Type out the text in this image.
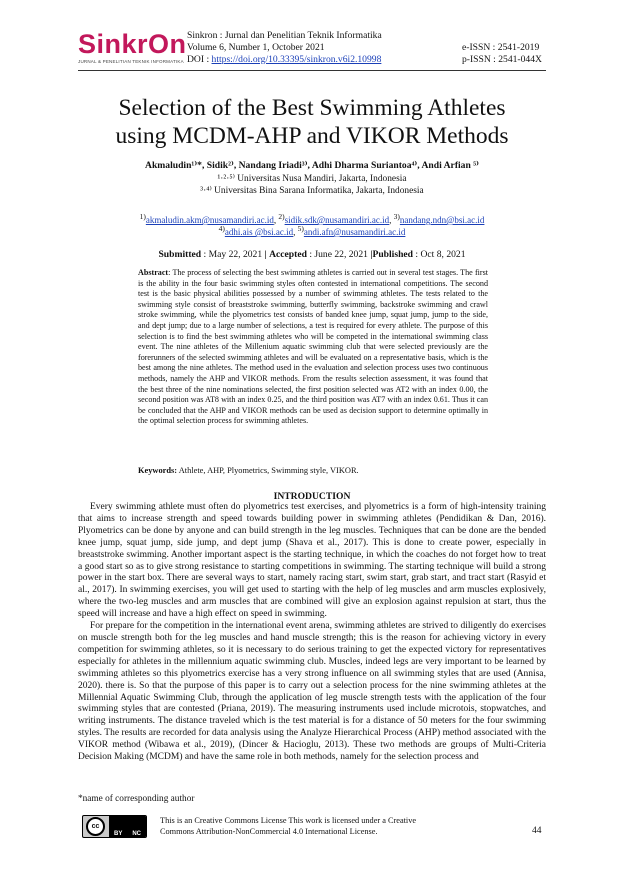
SinkrOn
JURNAL & PENELITIAN TEKNIK INFORMATIKA
Sinkron : Jurnal dan Penelitian Teknik Informatika
Volume 6, Number 1, October 2021
DOI : https://doi.org/10.33395/sinkron.v6i2.10998
e-ISSN : 2541-2019
p-ISSN : 2541-044X
Selection of the Best Swimming Athletes
using MCDM-AHP and VIKOR Methods
Akmaludin¹⁾*, Sidik²⁾, Nandang Iriadi³⁾, Adhi Dharma Suriantoa⁴⁾, Andi Arfian ⁵⁾
¹·²·⁵⁾ Universitas Nusa Mandiri, Jakarta, Indonesia
³·⁴⁾ Universitas Bina Sarana Informatika, Jakarta, Indonesia
$^{1)}$akmaludin.akm@nusamandiri.ac.id, $^{2)}$sidik.sdk@nusamandiri.ac.id, $^{3)}$nandang.ndn@bsi.ac.id
$^{4)}$adhi.ais @bsi.ac.id, $^{5)}$andi.afn@nusamandiri.ac.id
Submitted : May 22, 2021 | Accepted : June 22, 2021 |Published : Oct 8, 2021
Abstract: The process of selecting the best swimming athletes is carried out in several test stages. The first is the ability in the four basic swimming styles often contested in international competitions. The second test is the basic physical abilities possessed by a number of swimming athletes. The tests related to the swimming style consist of breaststroke swimming, butterfly swimming, backstroke swimming and crawl stroke swimming, while the plyometrics test consists of banded knee jump, squat jump, jump to the side, and dept jump; due to a large number of selections, a test is required for every athlete. The purpose of this selection is to find the best swimming athletes who will be competed in the international swimming class event. The nine athletes of the Millenium aquatic swimming club that were selected previously are the forerunners of the selected swimming athletes and will be evaluated on a representative basis, which is the best among the nine athletes. The method used in the evaluation and selection process uses two continuous methods, namely the AHP and VIKOR methods. From the results selection assessment, it was found that the best three of the nine nominations selected, the first position selected was AT2 with an index 0.00, the second position was AT8 with an index 0.25, and the third position was AT7 with an index 0.61. Thus it can be concluded that the AHP and VIKOR methods can be used as decision support to determine optimally in the optimal selection process for swimming athletes.
Keywords: Athlete, AHP, Plyometrics, Swimming style, VIKOR.
INTRODUCTION

Every swimming athlete must often do plyometrics test exercises, and plyometrics is a form of high-intensity training that aims to increase strength and speed towards building power in swimming athletes (Pendidikan & Dan, 2016). Plyometrics can be done by anyone and can build strength in the leg muscles. Techniques that can be done are the bended knee jump, squat jump, side jump, and dept jump (Shava et al., 2017). This is done to create power, especially in breaststroke swimming. Another important aspect is the starting technique, in which the coaches do not forget how to treat a good start so as to give strong resistance to starting competitions in swimming. The starting technique will build a strong power in the start box. There are several ways to start, namely racing start, swim start, grab start, and tract start (Rasyid et al., 2017). In swimming exercises, you will get used to starting with the help of leg muscles and arm muscles explosively, where the two-leg muscles and arm muscles that are combined will give an explosion against repulsion at start, thus the speed will increase and have a high effect on speed in swimming.

For prepare for the competition in the international event arena, swimming athletes are strived to diligently do exercises on muscle strength both for the leg muscles and hand muscle strength; this is the reason for achieving victory in every competition for swimming athletes, so it is necessary to do serious training to get the expected victory for representatives especially for athletes in the millennium aquatic swimming club. Muscles, indeed legs are very important to be learned by swimming athletes so this plyometrics exercise has a very strong influence on all swimming styles that are used (Annisa, 2020). there is. So that the purpose of this paper is to carry out a selection process for the nine swimming athletes at the Millennial Aquatic Swimming Club, through the application of leg muscle strength tests with the application of the four swimming styles that are contested (Priana, 2019). The measuring instruments used include microtois, stopwatches, and writing instruments. The distance traveled which is the test material is for a distance of 50 meters for the four swimming styles. The results are recorded for data analysis using the Analyze Hierarchical Process (AHP) method associated with the VIKOR method (Wibawa et al., 2019), (Dincer & Hacioglu, 2013). These two methods are groups of Multi-Criteria Decision Making (MCDM) and have the same role in both methods, namely for the selection process and

*name of corresponding author
cc
BY NC
This is an Creative Commons License This work is licensed under a Creative
Commons Attribution-NonCommercial 4.0 International License.	44
